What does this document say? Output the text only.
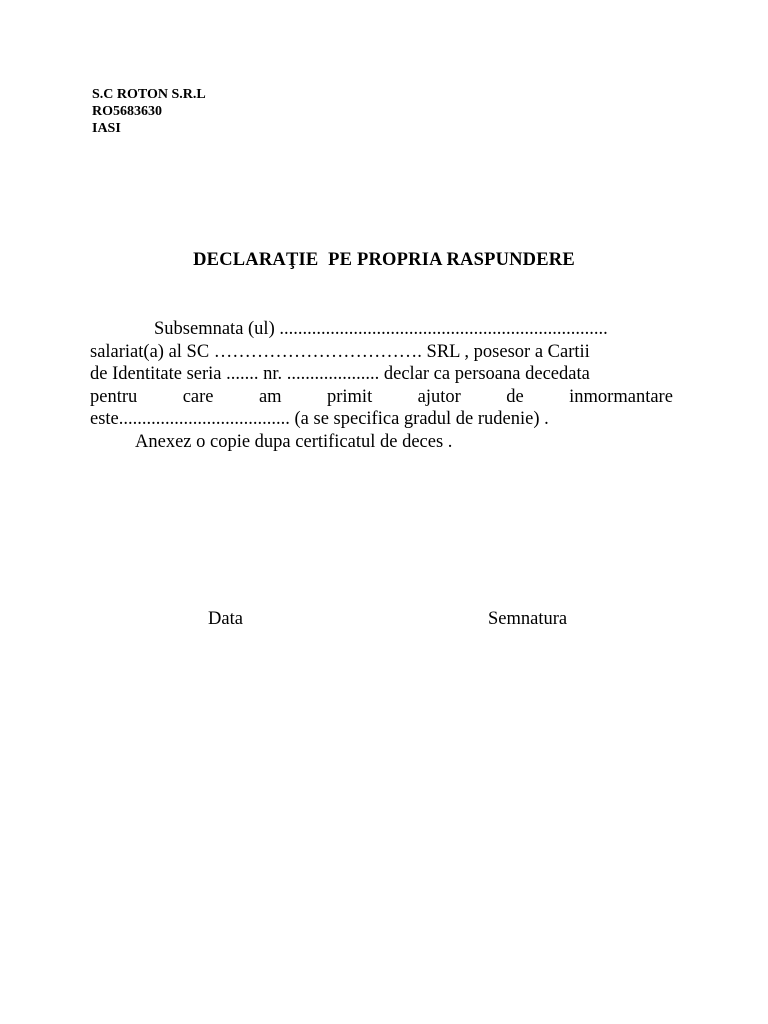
S.C ROTON S.R.L
RO5683630
IASI
DECLARAŢIE  PE PROPRIA RASPUNDERE
Subsemnata (ul) .......................................................................
salariat(a) al SC ……………………………. SRL , posesor a Cartii
de Identitate seria ....... nr. .................... declar ca persoana decedata
pentru care am primit ajutor de inmormantare
este..................................... (a se specifica gradul de rudenie) .
Anexez o copie dupa certificatul de deces .
Data	Semnatura
